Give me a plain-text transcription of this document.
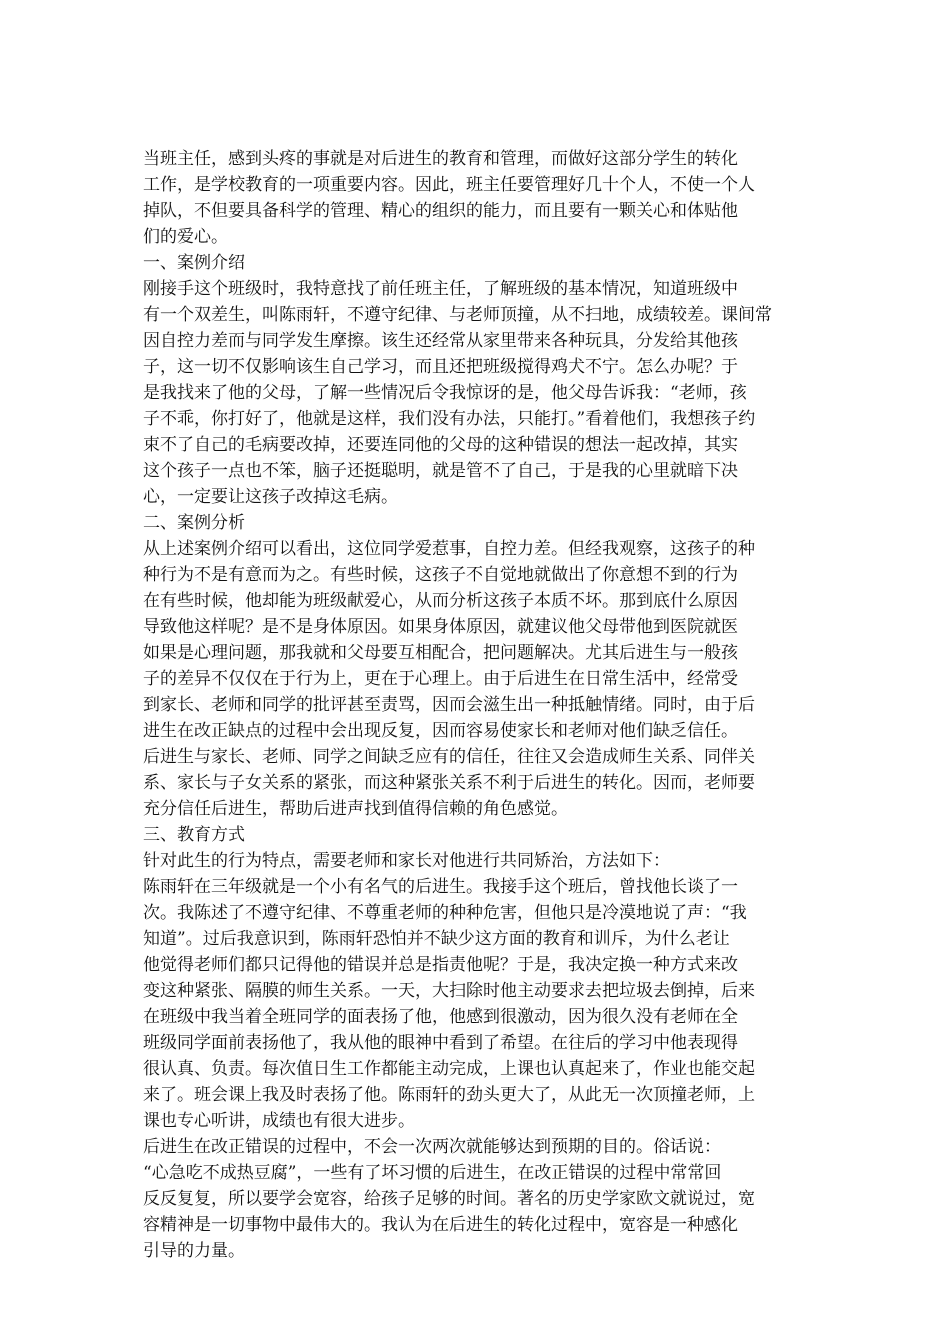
当班主任，感到头疼的事就是对后进生的教育和管理，而做好这部分学生的转化
工作，是学校教育的一项重要内容。因此，班主任要管理好几十个人，不使一个人
掉队，不但要具备科学的管理、精心的组织的能力，而且要有一颗关心和体贴他
们的爱心。
一、案例介绍
刚接手这个班级时，我特意找了前任班主任，了解班级的基本情况，知道班级中
有一个双差生，叫陈雨轩，不遵守纪律、与老师顶撞，从不扫地，成绩较差。课间常
因自控力差而与同学发生摩擦。该生还经常从家里带来各种玩具，分发给其他孩
子，这一切不仅影响该生自己学习，而且还把班级搅得鸡犬不宁。怎么办呢？于
是我找来了他的父母，了解一些情况后令我惊讶的是，他父母告诉我：“老师，孩
子不乖，你打好了，他就是这样，我们没有办法，只能打。”看着他们，我想孩子约
束不了自己的毛病要改掉，还要连同他的父母的这种错误的想法一起改掉，其实
这个孩子一点也不笨，脑子还挺聪明，就是管不了自己，于是我的心里就暗下决
心，一定要让这孩子改掉这毛病。
二、案例分析
从上述案例介绍可以看出，这位同学爱惹事，自控力差。但经我观察，这孩子的种
种行为不是有意而为之。有些时候，这孩子不自觉地就做出了你意想不到的行为
在有些时候，他却能为班级献爱心，从而分析这孩子本质不坏。那到底什么原因
导致他这样呢？是不是身体原因。如果身体原因，就建议他父母带他到医院就医
如果是心理问题，那我就和父母要互相配合，把问题解决。尤其后进生与一般孩
子的差异不仅仅在于行为上，更在于心理上。由于后进生在日常生活中，经常受
到家长、老师和同学的批评甚至责骂，因而会滋生出一种抵触情绪。同时，由于后
进生在改正缺点的过程中会出现反复，因而容易使家长和老师对他们缺乏信任。
后进生与家长、老师、同学之间缺乏应有的信任，往往又会造成师生关系、同伴关
系、家长与子女关系的紧张，而这种紧张关系不利于后进生的转化。因而，老师要
充分信任后进生，帮助后进声找到值得信赖的角色感觉。
三、教育方式
针对此生的行为特点，需要老师和家长对他进行共同矫治，方法如下：
陈雨轩在三年级就是一个小有名气的后进生。我接手这个班后，曾找他长谈了一
次。我陈述了不遵守纪律、不尊重老师的种种危害，但他只是冷漠地说了声：“我
知道”。过后我意识到，陈雨轩恐怕并不缺少这方面的教育和训斥，为什么老让
他觉得老师们都只记得他的错误并总是指责他呢？于是，我决定换一种方式来改
变这种紧张、隔膜的师生关系。一天，大扫除时他主动要求去把垃圾去倒掉，后来
在班级中我当着全班同学的面表扬了他，他感到很激动，因为很久没有老师在全
班级同学面前表扬他了，我从他的眼神中看到了希望。在往后的学习中他表现得
很认真、负责。每次值日生工作都能主动完成，上课也认真起来了，作业也能交起
来了。班会课上我及时表扬了他。陈雨轩的劲头更大了，从此无一次顶撞老师，上
课也专心听讲，成绩也有很大进步。
后进生在改正错误的过程中，不会一次两次就能够达到预期的目的。俗话说：
“心急吃不成热豆腐”，一些有了坏习惯的后进生，在改正错误的过程中常常回
反反复复，所以要学会宽容，给孩子足够的时间。著名的历史学家欧文就说过，宽
容精神是一切事物中最伟大的。我认为在后进生的转化过程中，宽容是一种感化
引导的力量。
